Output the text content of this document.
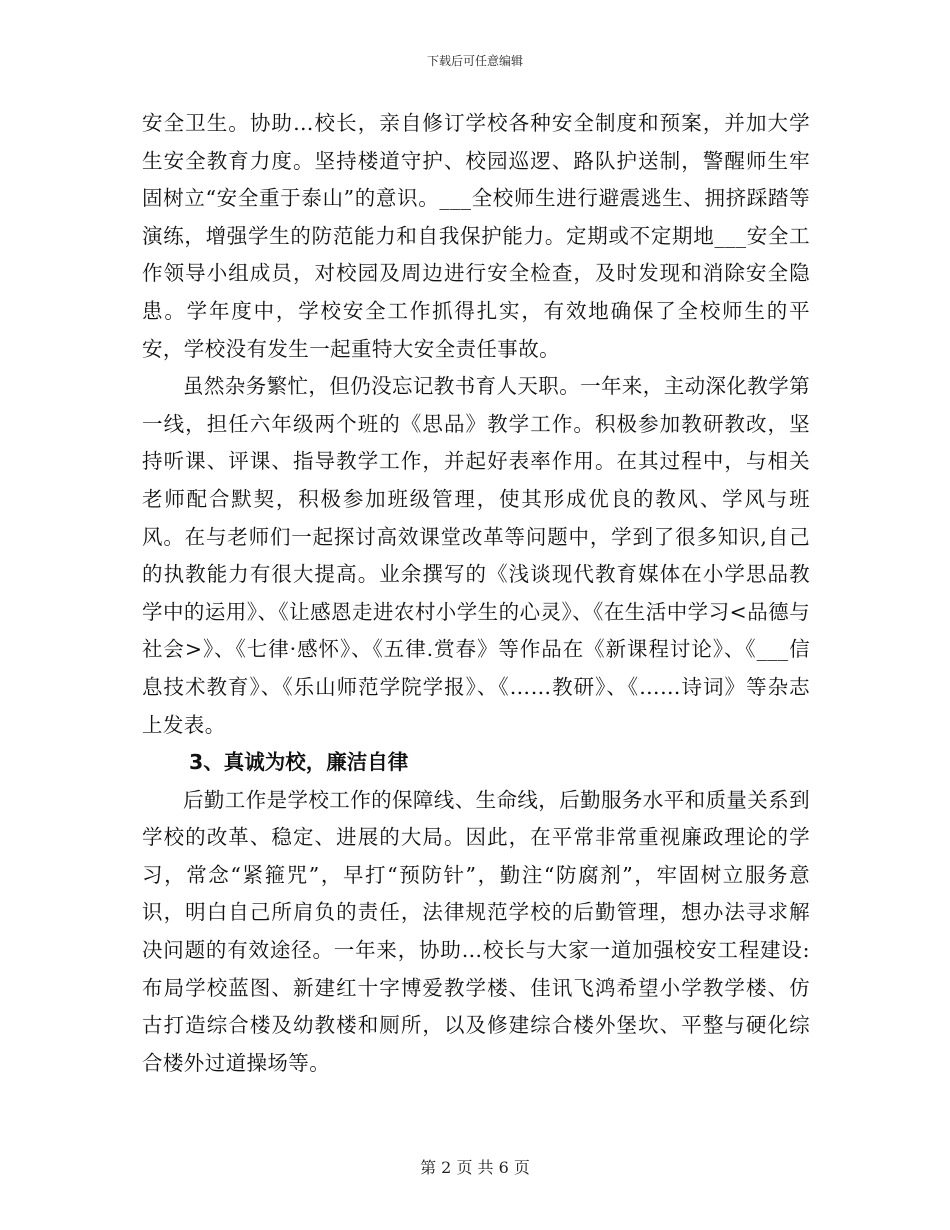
下载后可任意编辑

安全卫生。协助…校长，亲自修订学校各种安全制度和预案，并加大学生安全教育力度。坚持楼道守护、校园巡逻、路队护送制，警醒师生牢固树立“安全重于泰山”的意识。___全校师生进行避震逃生、拥挤踩踏等演练，增强学生的防范能力和自我保护能力。定期或不定期地___安全工作领导小组成员，对校园及周边进行安全检查，及时发现和消除安全隐患。学年度中，学校安全工作抓得扎实，有效地确保了全校师生的平安，学校没有发生一起重特大安全责任事故。

虽然杂务繁忙，但仍没忘记教书育人天职。一年来，主动深化教学第一线，担任六年级两个班的《思品》教学工作。积极参加教研教改，坚持听课、评课、指导教学工作，并起好表率作用。在其过程中，与相关老师配合默契，积极参加班级管理，使其形成优良的教风、学风与班风。在与老师们一起探讨高效课堂改革等问题中，学到了很多知识,自己的执教能力有很大提高。业余撰写的《浅谈现代教育媒体在小学思品教学中的运用》、《让感恩走进农村小学生的心灵》、《在生活中学习<品德与社会>》、《七律·感怀》、《五律.赏春》等作品在《新课程讨论》、《___信息技术教育》、《乐山师范学院学报》、《……教研》、《……诗词》等杂志上发表。

3、真诚为校，廉洁自律

后勤工作是学校工作的保障线、生命线，后勤服务水平和质量关系到学校的改革、稳定、进展的大局。因此，在平常非常重视廉政理论的学习，常念“紧箍咒”，早打“预防针”，勤注“防腐剂”，牢固树立服务意识，明白自己所肩负的责任，法律规范学校的后勤管理，想办法寻求解决问题的有效途径。一年来，协助…校长与大家一道加强校安工程建设:布局学校蓝图、新建红十字博爱教学楼、佳讯飞鸿希望小学教学楼、仿古打造综合楼及幼教楼和厕所，以及修建综合楼外堡坎、平整与硬化综合楼外过道操场等。

第 2 页 共 6 页
